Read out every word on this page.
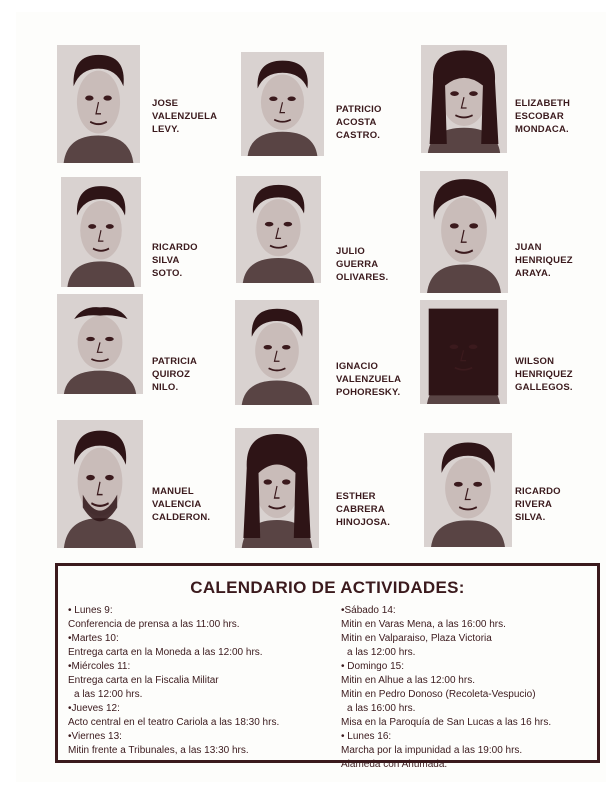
JOSE
VALENZUELA
LEVY.
PATRICIO
ACOSTA
CASTRO.
ELIZABETH
ESCOBAR
MONDACA.
RICARDO
SILVA
SOTO.
JULIO
GUERRA
OLIVARES.
JUAN
HENRIQUEZ
ARAYA.
PATRICIA
QUIROZ
NILO.
IGNACIO
VALENZUELA
POHORESKY.
WILSON
HENRIQUEZ
GALLEGOS.
MANUEL
VALENCIA
CALDERON.
ESTHER
CABRERA
HINOJOSA.
RICARDO
RIVERA
SILVA.
CALENDARIO DE ACTIVIDADES:
• Lunes 9:
Conferencia de prensa a las 11:00 hrs.
•Martes 10:
Entrega carta en la Moneda a las 12:00 hrs.
•Miércoles 11:
Entrega carta en la Fiscalia Militar
a las 12:00 hrs.
•Jueves 12:
Acto central en el teatro Cariola a las 18:30 hrs.
•Viernes 13:
Mitin frente a Tribunales, a las 13:30 hrs.
•Sábado 14:
Mitin en Varas Mena, a las 16:00 hrs.
Mitin en Valparaiso, Plaza Victoria
a las 12:00 hrs.
• Domingo 15:
Mitin en Alhue a las 12:00 hrs.
Mitin en Pedro Donoso (Recoleta-Vespucio)
a las 16:00 hrs.
Misa en la Paroquía de San Lucas a las 16 hrs.
• Lunes 16:
Marcha por la impunidad a las 19:00 hrs.
Alameda con Ahumada.
